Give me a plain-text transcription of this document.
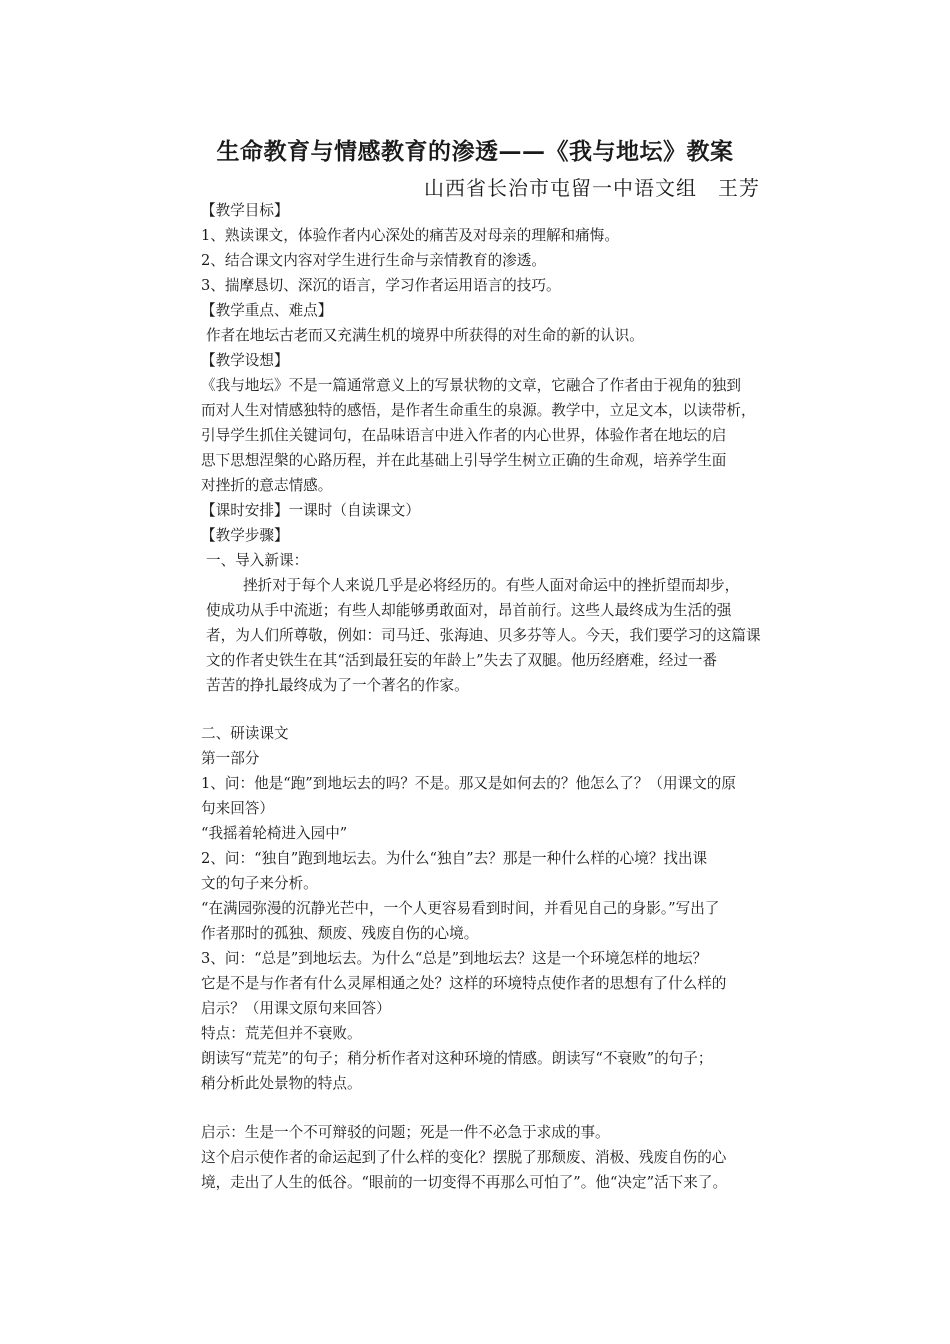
生命教育与情感教育的渗透——《我与地坛》教案
山西省长治市屯留一中语文组　王芳
【教学目标】
1、熟读课文，体验作者内心深处的痛苦及对母亲的理解和痛悔。
2、结合课文内容对学生进行生命与亲情教育的渗透。
3、揣摩恳切、深沉的语言，学习作者运用语言的技巧。
【教学重点、难点】
作者在地坛古老而又充满生机的境界中所获得的对生命的新的认识。
【教学设想】
《我与地坛》不是一篇通常意义上的写景状物的文章，它融合了作者由于视角的独到
而对人生对情感独特的感悟，是作者生命重生的泉源。教学中，立足文本，以读带析，
引导学生抓住关键词句，在品味语言中进入作者的内心世界，体验作者在地坛的启
思下思想涅槃的心路历程，并在此基础上引导学生树立正确的生命观，培养学生面
对挫折的意志情感。
【课时安排】一课时（自读课文）
【教学步骤】
一、导入新课：
挫折对于每个人来说几乎是必将经历的。有些人面对命运中的挫折望而却步，
使成功从手中流逝；有些人却能够勇敢面对，昂首前行。这些人最终成为生活的强
者，为人们所尊敬，例如：司马迁、张海迪、贝多芬等人。今天，我们要学习的这篇课
文的作者史铁生在其“活到最狂妄的年龄上”失去了双腿。他历经磨难，经过一番
苦苦的挣扎最终成为了一个著名的作家。
二、研读课文
第一部分
1、问：他是“跑”到地坛去的吗？不是。那又是如何去的？他怎么了？（用课文的原
句来回答）
“我摇着轮椅进入园中”
2、问：“独自”跑到地坛去。为什么“独自”去？那是一种什么样的心境？找出课
文的句子来分析。
“在满园弥漫的沉静光芒中，一个人更容易看到时间，并看见自己的身影。”写出了
作者那时的孤独、颓废、残废自伤的心境。
3、问：“总是”到地坛去。为什么“总是”到地坛去？这是一个环境怎样的地坛？
它是不是与作者有什么灵犀相通之处？这样的环境特点使作者的思想有了什么样的
启示？（用课文原句来回答）
特点：荒芜但并不衰败。
朗读写“荒芜”的句子；稍分析作者对这种环境的情感。朗读写“不衰败”的句子；
稍分析此处景物的特点。
启示：生是一个不可辩驳的问题；死是一件不必急于求成的事。
这个启示使作者的命运起到了什么样的变化？摆脱了那颓废、消极、残废自伤的心
境，走出了人生的低谷。“眼前的一切变得不再那么可怕了”。他“决定”活下来了。
